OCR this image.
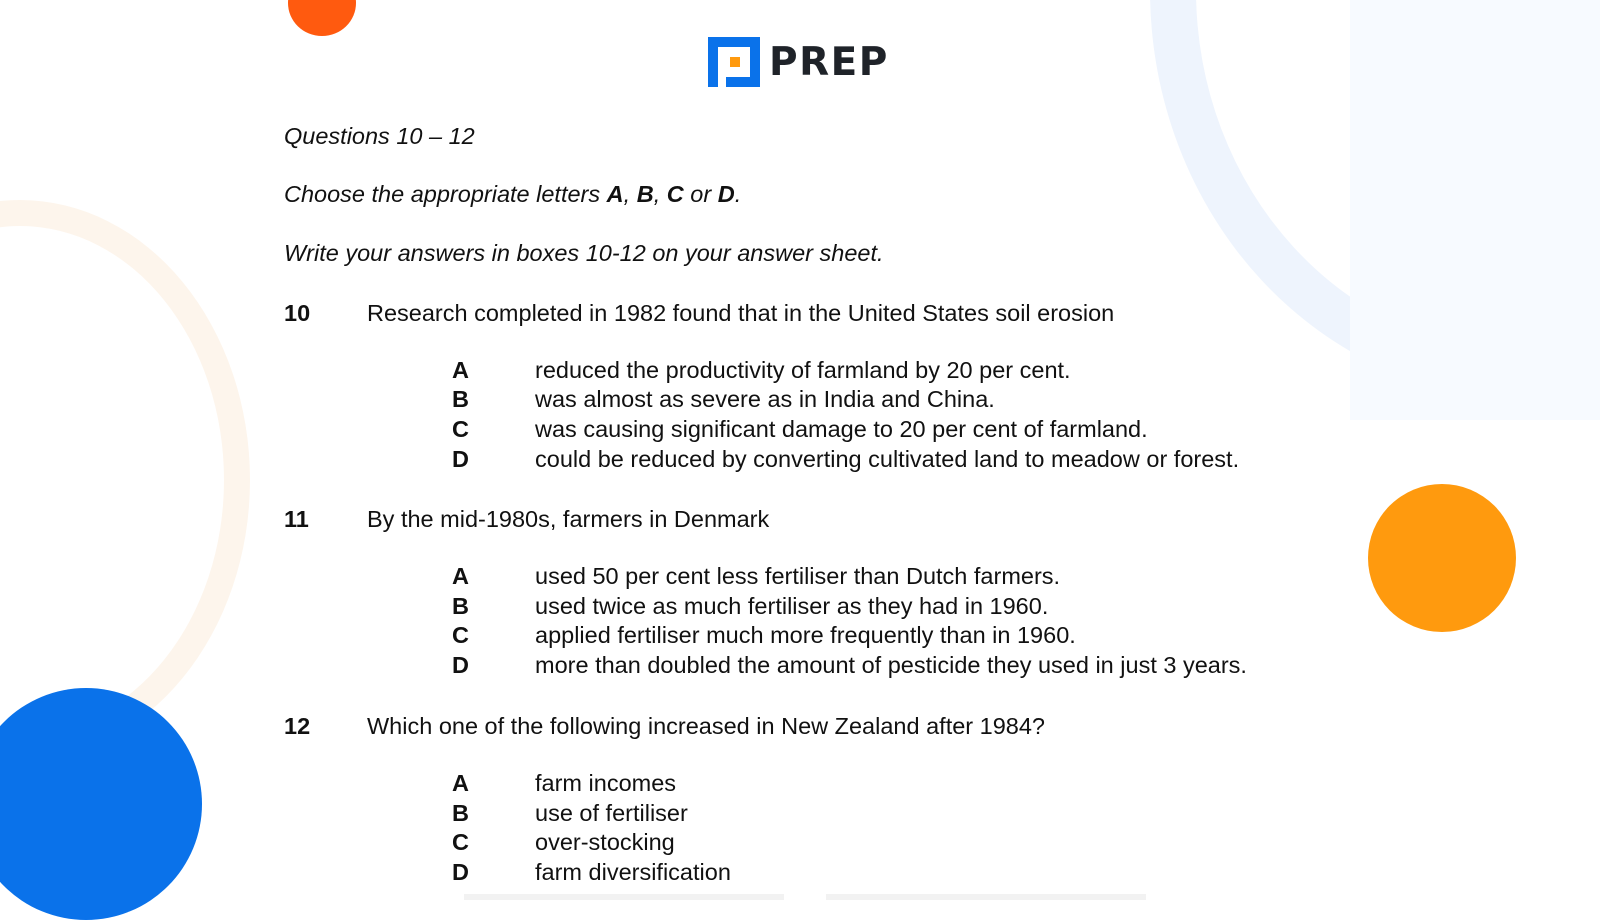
PREP
Questions 10 – 12
Choose the appropriate letters A, B, C or D.
Write your answers in boxes 10-12 on your answer sheet.
10 Research completed in 1982 found that in the United States soil erosion
A	reduced the productivity of farmland by 20 per cent.
B	was almost as severe as in India and China.
C	was causing significant damage to 20 per cent of farmland.
D	could be reduced by converting cultivated land to meadow or forest.
11 By the mid-1980s, farmers in Denmark
A	used 50 per cent less fertiliser than Dutch farmers.
B	used twice as much fertiliser as they had in 1960.
C	applied fertiliser much more frequently than in 1960.
D	more than doubled the amount of pesticide they used in just 3 years.
12 Which one of the following increased in New Zealand after 1984?
A	farm incomes
B	use of fertiliser
C	over-stocking
D	farm diversification
